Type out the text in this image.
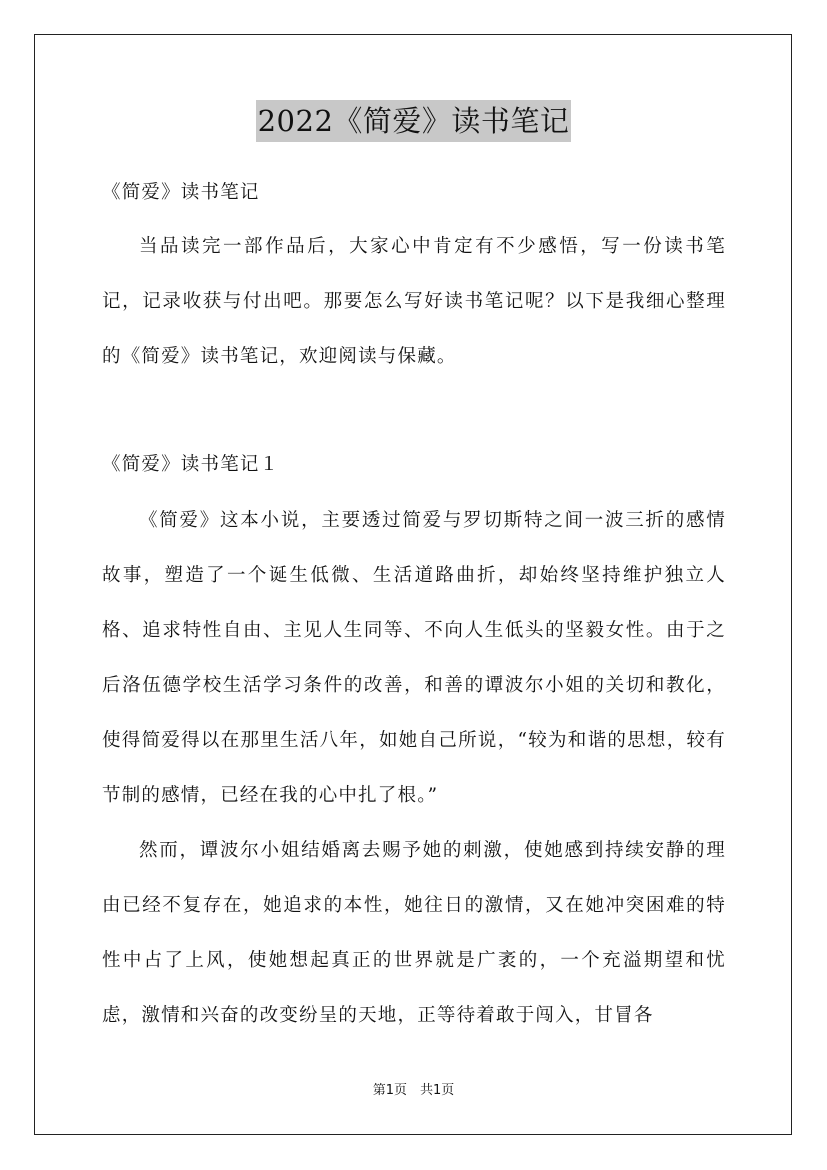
2022《简爱》读书笔记
《简爱》读书笔记

当品读完一部作品后，大家心中肯定有不少感悟，写一份读书笔记，记录收获与付出吧。那要怎么写好读书笔记呢？以下是我细心整理的《简爱》读书笔记，欢迎阅读与保藏。

《简爱》读书笔记１

《简爱》这本小说，主要透过简爱与罗切斯特之间一波三折的感情故事，塑造了一个诞生低微、生活道路曲折，却始终坚持维护独立人格、追求特性自由、主见人生同等、不向人生低头的坚毅女性。由于之后洛伍德学校生活学习条件的改善，和善的谭波尔小姐的关切和教化，使得简爱得以在那里生活八年，如她自己所说，“较为和谐的思想，较有节制的感情，已经在我的心中扎了根。”

然而，谭波尔小姐结婚离去赐予她的刺激，使她感到持续安静的理由已经不复存在，她追求的本性，她往日的激情，又在她冲突困难的特性中占了上风，使她想起真正的世界就是广袤的，一个充溢期望和忧虑，激情和兴奋的改变纷呈的天地，正等待着敢于闯入，甘冒各

第1页　共1页
